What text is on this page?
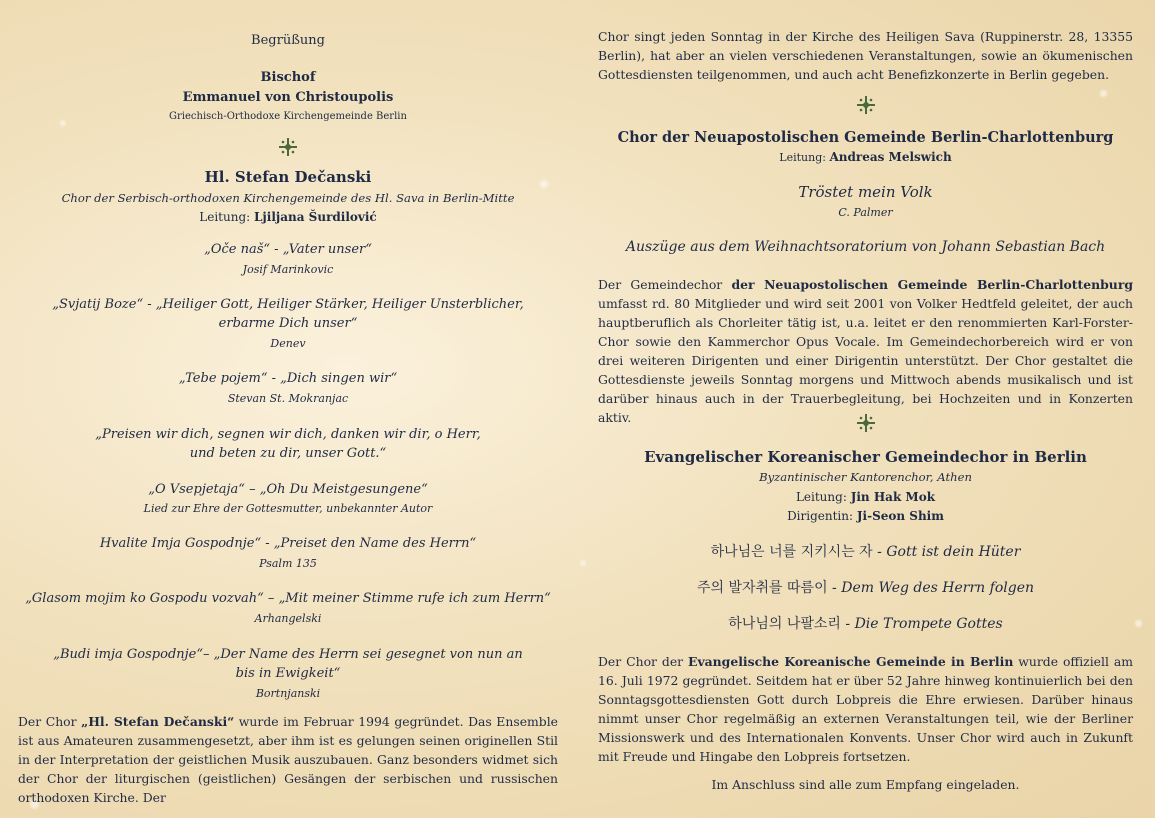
Begrüßung
Bischof
Emmanuel von Christoupolis
Griechisch-Orthodoxe Kirchengemeinde Berlin
Hl. Stefan Dečanski
Chor der Serbisch-orthodoxen Kirchengemeinde des Hl. Sava in Berlin-Mitte
Leitung: Ljiljana Šurdilović
„Oče naš“ - „Vater unser“
Josif Marinkovic
„Svjatij Boze“ - „Heiliger Gott, Heiliger Stärker, Heiliger Unsterblicher,
erbarme Dich unser“
Denev
„Tebe pojem“ - „Dich singen wir“
Stevan St. Mokranjac
„Preisen wir dich, segnen wir dich, danken wir dir, o Herr,
und beten zu dir, unser Gott.“
„O Vsepjetaja“ – „Oh Du Meistgesungene“
Lied zur Ehre der Gottesmutter, unbekannter Autor
Hvalite Imja Gospodnje“ - „Preiset den Name des Herrn“
Psalm 135
„Glasom mojim ko Gospodu vozvah“ – „Mit meiner Stimme rufe ich zum Herrn“
Arhangelski
„Budi imja Gospodnje“– „Der Name des Herrn sei gesegnet von nun an
bis in Ewigkeit“
Bortnjanski
Der Chor „Hl. Stefan Dečanski“ wurde im Februar 1994 gegründet. Das Ensemble ist aus Amateuren zusammengesetzt, aber ihm ist es gelungen seinen originellen Stil in der Interpretation der geistlichen Musik auszubauen. Ganz besonders widmet sich der Chor der liturgischen (geistlichen) Gesängen der serbischen und russischen orthodoxen Kirche. Der
Chor singt jeden Sonntag in der Kirche des Heiligen Sava (Ruppinerstr. 28, 13355 Berlin), hat aber an vielen verschiedenen Veranstaltungen, sowie an ökumenischen Gottesdiensten teilgenommen, und auch acht Benefizkonzerte in Berlin gegeben.
Chor der Neuapostolischen Gemeinde Berlin-Charlottenburg
Leitung: Andreas Melswich
Tröstet mein Volk
C. Palmer
Auszüge aus dem Weihnachtsoratorium von Johann Sebastian Bach
Der Gemeindechor der Neuapostolischen Gemeinde Berlin-Charlottenburg umfasst rd. 80 Mitglieder und wird seit 2001 von Volker Hedtfeld geleitet, der auch hauptberuflich als Chorleiter tätig ist, u.a. leitet er den renommierten Karl-Forster-Chor sowie den Kammerchor Opus Vocale. Im Gemeindechorbereich wird er von drei weiteren Dirigenten und einer Dirigentin unterstützt. Der Chor gestaltet die Gottesdienste jeweils Sonntag morgens und Mittwoch abends musikalisch und ist darüber hinaus auch in der Trauerbegleitung, bei Hochzeiten und in Konzerten aktiv.
Evangelischer Koreanischer Gemeindechor in Berlin
Byzantinischer Kantorenchor, Athen
Leitung: Jin Hak Mok
Dirigentin: Ji-Seon Shim
하나님은 너를 지키시는 자 - Gott ist dein Hüter
주의 발자취를 따름이 - Dem Weg des Herrn folgen
하나님의 나팔소리 - Die Trompete Gottes
Der Chor der Evangelische Koreanische Gemeinde in Berlin wurde offiziell am 16. Juli 1972 gegründet. Seitdem hat er über 52 Jahre hinweg kontinuierlich bei den Sonntagsgottesdiensten Gott durch Lobpreis die Ehre erwiesen. Darüber hinaus nimmt unser Chor regelmäßig an externen Veranstaltungen teil, wie der Berliner Missionswerk und des Internationalen Konvents. Unser Chor wird auch in Zukunft mit Freude und Hingabe den Lobpreis fortsetzen.
Im Anschluss sind alle zum Empfang eingeladen.
